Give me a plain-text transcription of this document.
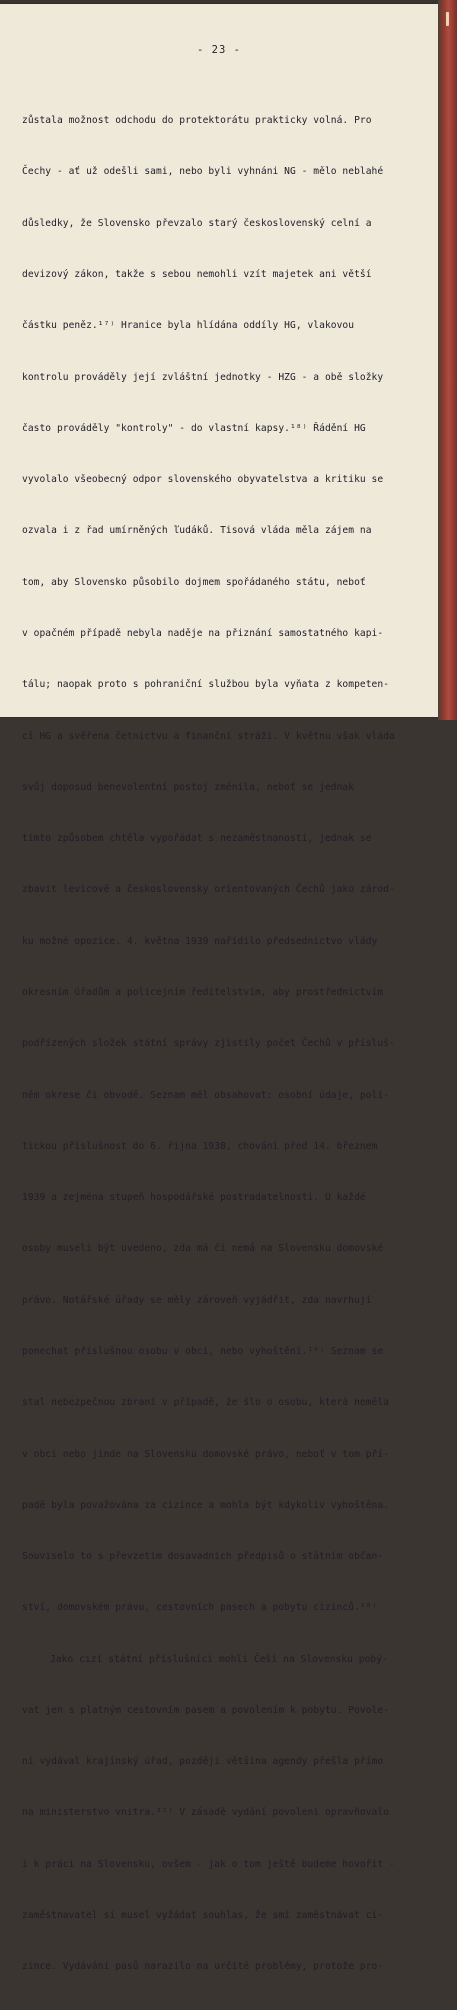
- 23 -

zůstala možnost odchodu do protektorátu prakticky volná. Pro

Čechy - ať už odešli sami, nebo byli vyhnáni NG - mělo neblahé

důsledky, že Slovensko převzalo starý československý celní a

devizový zákon, takže s sebou nemohli vzít majetek ani větší

částku peněz.¹⁷⁾ Hranice byla hlídána oddíly HG, vlakovou

kontrolu prováděly její zvláštní jednotky - HZG - a obě složky

často prováděly "kontroly" - do vlastní kapsy.¹⁸⁾ Řádění HG

vyvolalo všeobecný odpor slovenského obyvatelstva a kritiku se

ozvala i z řad umírněných ľudáků. Tisová vláda měla zájem na

tom, aby Slovensko působilo dojmem spořádaného státu, neboť

v opačném případě nebyla naděje na přiznání samostatného kapi-

tálu; naopak proto s pohraniční službou byla vyňata z kompeten-

cí HG a svěřena četnictvu a finanční stráži. V květnu však vláda

svůj doposud benevolentní postoj změnila, neboť se jednak

tímto způsobem chtěla vypořádat s nezaměstnaností, jednak se

zbavit levicově a československy orientovaných Čechů jako zárod-

ku možné opozice. 4. května 1939 nařídilo předsednictvo vlády

okresním úřadům a policejním ředitelstvím, aby prostřednictvím

podřízených složek státní správy zjistily počet Čechů v přísluš-

ném okrese či obvodě. Seznam měl obsahovat: osobní údaje, poli-

tickou příslušnost do 6. října 1938, chování před 14. březnem

1939 a zejména stupeň hospodářské postradatelnosti. U každé

osoby museli být uvedeno, zda má či nemá na Slovensku domovské

právo. Notářské úřady se měly zároveň vyjádřit, zda navrhují

ponechat příslušnou osobu v obci, nebo vyhoštění.¹⁹⁾ Seznam se

stal nebezpečnou zbraní v případě, že šlo o osobu, která neměla

v obci nebo jinde na Slovensku domovské právo, neboť v tom pří-

padě byla považována za cizince a mohla být kdykoliv vyhoštěna.

Souviselo to s převzetím dosavadních předpisů o státním občan-

ství, domovském právu, cestovních pasech a pobytu cizinců.²⁰⁾

Jako cizí státní příslušníci mohli Češi na Slovensku pobý-

vat jen s platným cestovním pasem a povolením k pobytu. Povole-

ní vydával krajinský úřad, později většina agendy přešla přímo

na ministerstvo vnitra.²¹⁾ V zásadě vydání povolení opravňovalo

i k práci na Slovensku, ovšem - jak o tom ještě budeme hovořit -

zaměstnavatel si musel vyžádat souhlas, že smí zaměstnávat ci-

zince. Vydávání pasů narazilo na určité problémy, protože pro-
